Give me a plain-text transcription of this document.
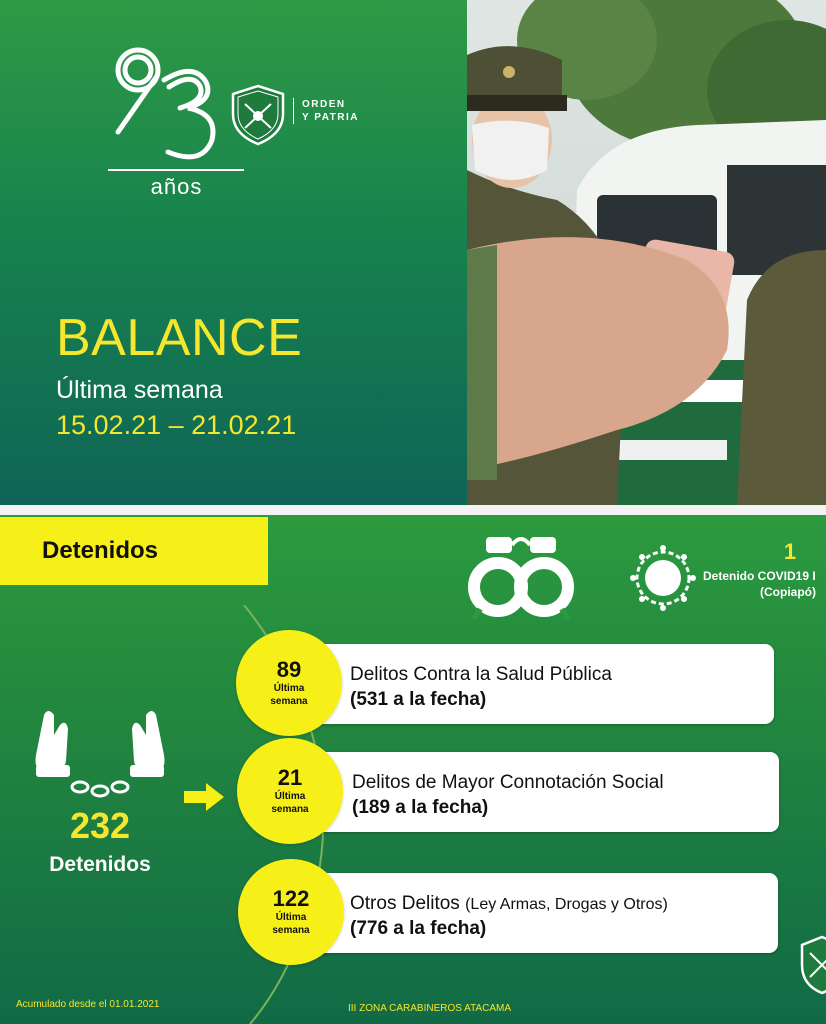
años
ORDEN
Y PATRIA
BALANCE
Última semana
15.02.21 – 21.02.21
Detenidos	1
Detenido COVID19 I
(Copiapó)
Delitos Contra la Salud Pública
(531 a la fecha)
89
Última
semana
Delitos de Mayor Connotación Social
(189 a la fecha)
21
Última
semana
Otros Delitos (Ley Armas, Drogas y Otros)
(776 a la fecha)
122
Última
semana
232
Detenidos
Acumulado desde el 01.01.2021	III ZONA CARABINEROS ATACAMA
